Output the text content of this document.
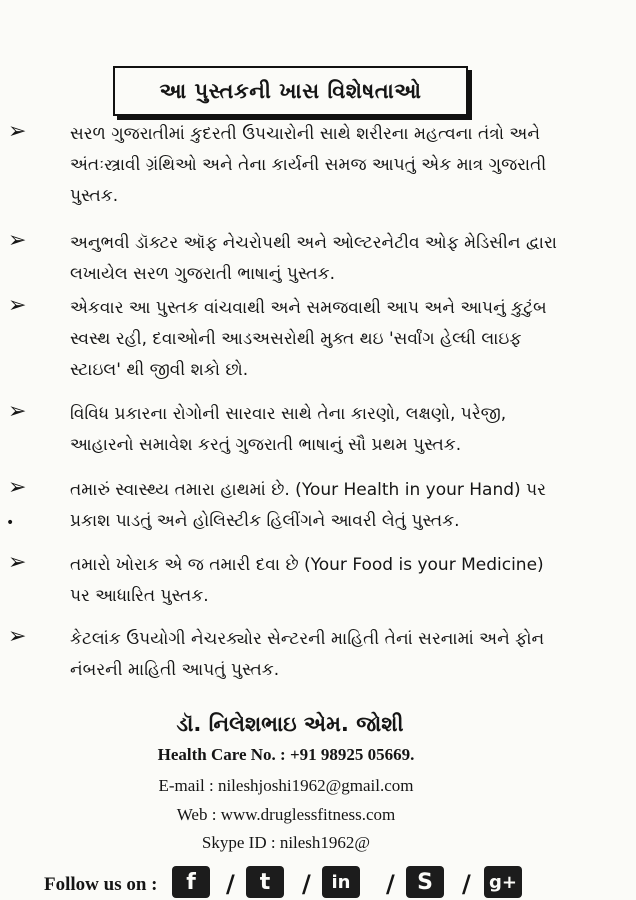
આ પુસ્તકની ખાસ વિશેષતાઓ
➢	સરળ ગુજરાતીમાં કુદરતી ઉપચારોની સાથે શરીરના મહત્વના તંત્રો અને
અંતઃસ્ત્રાવી ગ્રંથિઓ અને તેના કાર્યની સમજ આપતું એક માત્ર ગુજરાતી
પુસ્તક.
➢	અનુભવી ડૉક્ટર ઑફ નેચરોપથી અને ઓલ્ટરનેટીવ ઓફ મેડિસીન દ્વારા
લખાયેલ સરળ ગુજરાતી ભાષાનું પુસ્તક.
➢	એકવાર આ પુસ્તક વાંચવાથી અને સમજવાથી આપ અને આપનું કુટુંબ
સ્વસ્થ રહી, દવાઓની આડઅસરોથી મુક્ત થઇ 'સર્વાંગ હેલ્ધી લાઇફ
સ્ટાઇલ' થી જીવી શકો છો.
➢	વિવિધ પ્રકારના રોગોની સારવાર સાથે તેના કારણો, લક્ષણો, પરેજી,
આહારનો સમાવેશ કરતું ગુજરાતી ભાષાનું સૌ પ્રથમ પુસ્તક.
➢	તમારું સ્વાસ્થ્ય તમારા હાથમાં છે. (Your Health in your Hand) પર
પ્રકાશ પાડતું અને હોલિસ્ટીક હિલીંગને આવરી લેતું પુસ્તક.
•
➢	તમારો ખોરાક એ જ તમારી દવા છે (Your Food is your Medicine)
પર આધારિત પુસ્તક.
➢	કેટલાંક ઉપયોગી નેચરક્યોર સેન્ટરની માહિતી તેનાં સરનામાં અને ફોન
નંબરની માહિતી આપતું પુસ્તક.
ડૉ. નિલેશભાઇ એમ. જોશી
Health Care No. : +91 98925 05669.
E-mail : nileshjoshi1962@gmail.com
Web : www.druglessfitness.com
Skype ID : nilesh1962@
Follow us on :	f	/	t	/	in	/	S	/ g+
